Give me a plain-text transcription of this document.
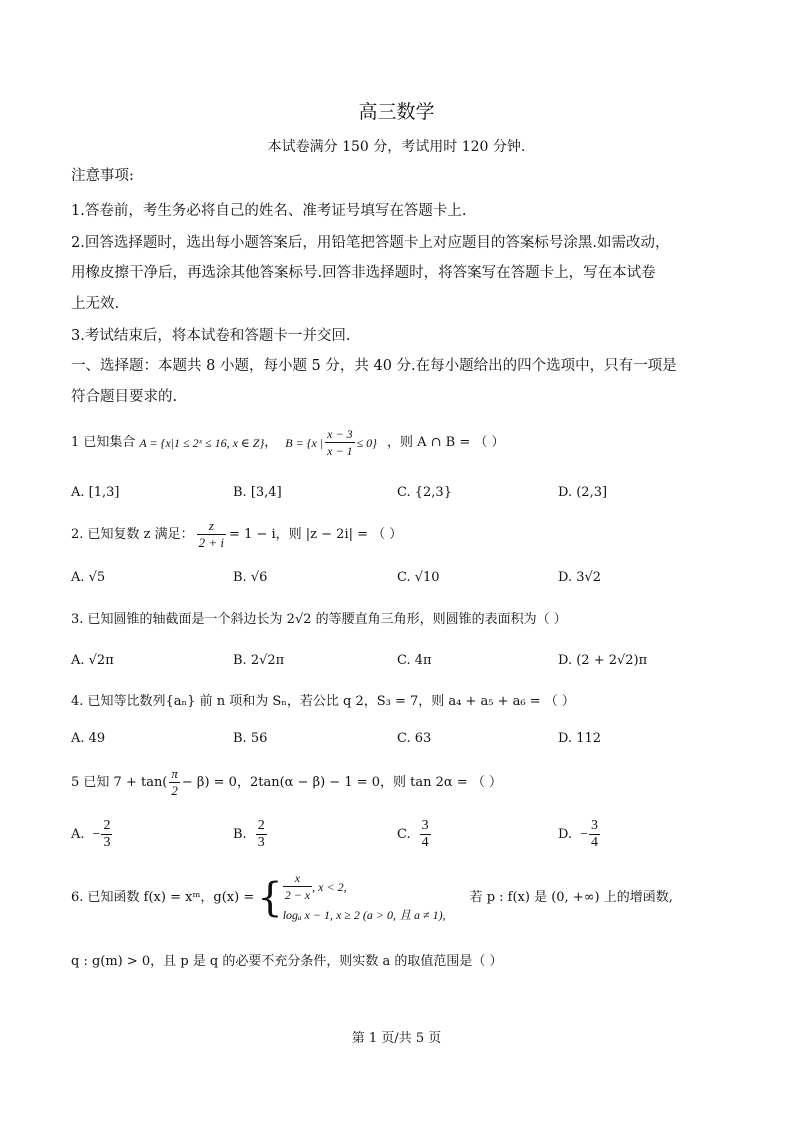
高三数学
本试卷满分 150 分，考试用时 120 分钟.
注意事项:
1.答卷前，考生务必将自己的姓名、准考证号填写在答题卡上.
2.回答选择题时，选出每小题答案后，用铅笔把答题卡上对应题目的答案标号涂黑.如需改动，
用橡皮擦干净后，再选涂其他答案标号.回答非选择题时，将答案写在答题卡上，写在本试卷
上无效.
3.考试结束后，将本试卷和答题卡一并交回.
一、选择题：本题共 8 小题，每小题 5 分，共 40 分.在每小题给出的四个选项中，只有一项是
符合题目要求的.
1 已知集合 A = {x|1 ≤ 2ˣ ≤ 16, x ∈ Z} ， B = {x | $\frac{x - 3}{x - 1} \le 0$} ，则 A ∩ B = （ ）
A. [1,3]	B. [3,4]	C. {2,3}	D. (2,3]
2. 已知复数 z 满足： $\frac{z}{2 + i} = 1 - i$，则 |z − 2i| = （ ）
A. √5	B. √6	C. √10	D. 3√2
3. 已知圆锥的轴截面是一个斜边长为 2√2 的等腰直角三角形，则圆锥的表面积为（ ）
A. √2π	B. 2√2π	C. 4π	D. (2 + 2√2)π
4. 已知等比数列{aₙ} 前 n 项和为 Sₙ，若公比 q 2，S₃ = 7，则 a₄ + a₅ + a₆ = （ ）
A. 49	B. 56	C. 63	D. 112
5 已知 $7 + \tan( \frac{\pi}{2} - \beta) = 0$，2tan(α − β) − 1 = 0，则 tan 2α = （ ）
A. − $\frac{2}{3}$	B. $\frac{2}{3}$	C. $\frac{3}{4}$	D. − $\frac{3}{4}$
6. 已知函数 f(x) = xᵐ，g(x) = { $\frac{x}{2 - x}$ , x < 2,
logₐ x − 1, x ≥ 2 (a > 0, 且 a ≠ 1),
若 p : f(x) 是 (0, +∞) 上的增函数,
q : g(m) > 0，且 p 是 q 的必要不充分条件，则实数 a 的取值范围是（ ）
第 1 页/共 5 页
